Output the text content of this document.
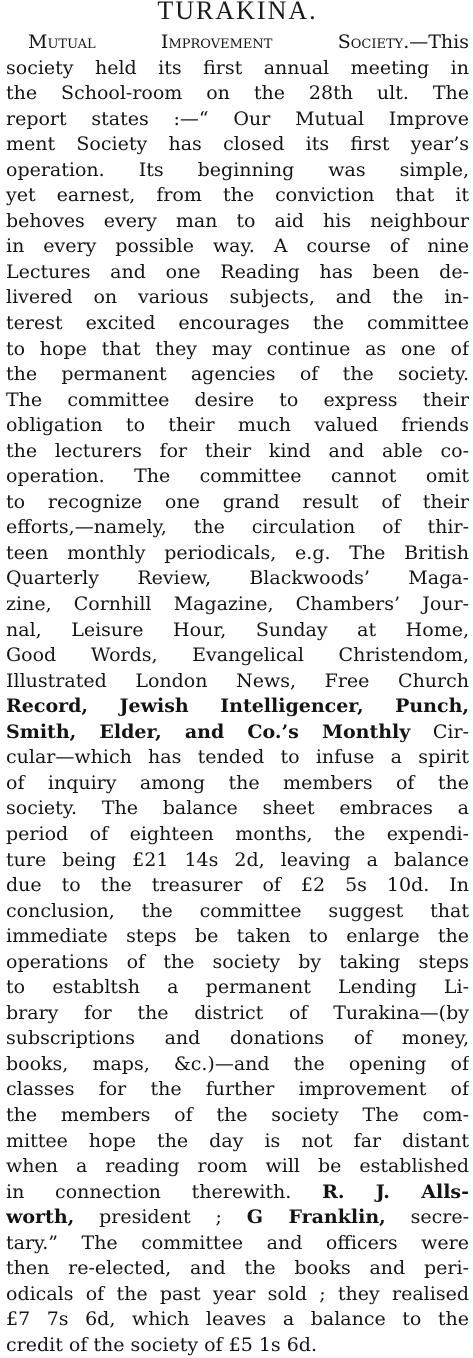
TURAKINA.
Mutual Improvement Society.—This
society held its first annual meeting in
the School-room on the 28th ult. The
report states :—“ Our Mutual Improve
ment Society has closed its first year’s
operation. Its beginning was simple,
yet earnest, from the conviction that it
behoves every man to aid his neighbour
in every possible way. A course of nine
Lectures and one Reading has been de-
livered on various subjects, and the in-
terest excited encourages the committee
to hope that they may continue as one of
the permanent agencies of the society.
The committee desire to express their
obligation to their much valued friends
the lecturers for their kind and able co-
operation. The committee cannot omit
to recognize one grand result of their
efforts,—namely, the circulation of thir-
teen monthly periodicals, e.g. The British
Quarterly Review, Blackwoods’ Maga-
zine, Cornhill Magazine, Chambers’ Jour-
nal, Leisure Hour, Sunday at Home,
Good Words, Evangelical Christendom,
Illustrated London News, Free Church
Record, Jewish Intelligencer, Punch,
Smith, Elder, and Co.’s Monthly Cir-
cular—which has tended to infuse a spirit
of inquiry among the members of the
society. The balance sheet embraces a
period of eighteen months, the expendi-
ture being £21 14s 2d, leaving a balance
due to the treasurer of £2 5s 10d. In
conclusion, the committee suggest that
immediate steps be taken to enlarge the
operations of the society by taking steps
to establtsh a permanent Lending Li-
brary for the district of Turakina—(by
subscriptions and donations of money,
books, maps, &c.)—and the opening of
classes for the further improvement of
the members of the society The com-
mittee hope the day is not far distant
when a reading room will be established
in connection therewith. R. J. Alls-
worth, president ; G Franklin, secre-
tary.” The committee and officers were
then re-elected, and the books and peri-
odicals of the past year sold ; they realised
£7 7s 6d, which leaves a balance to the
credit of the society of £5 1s 6d.
